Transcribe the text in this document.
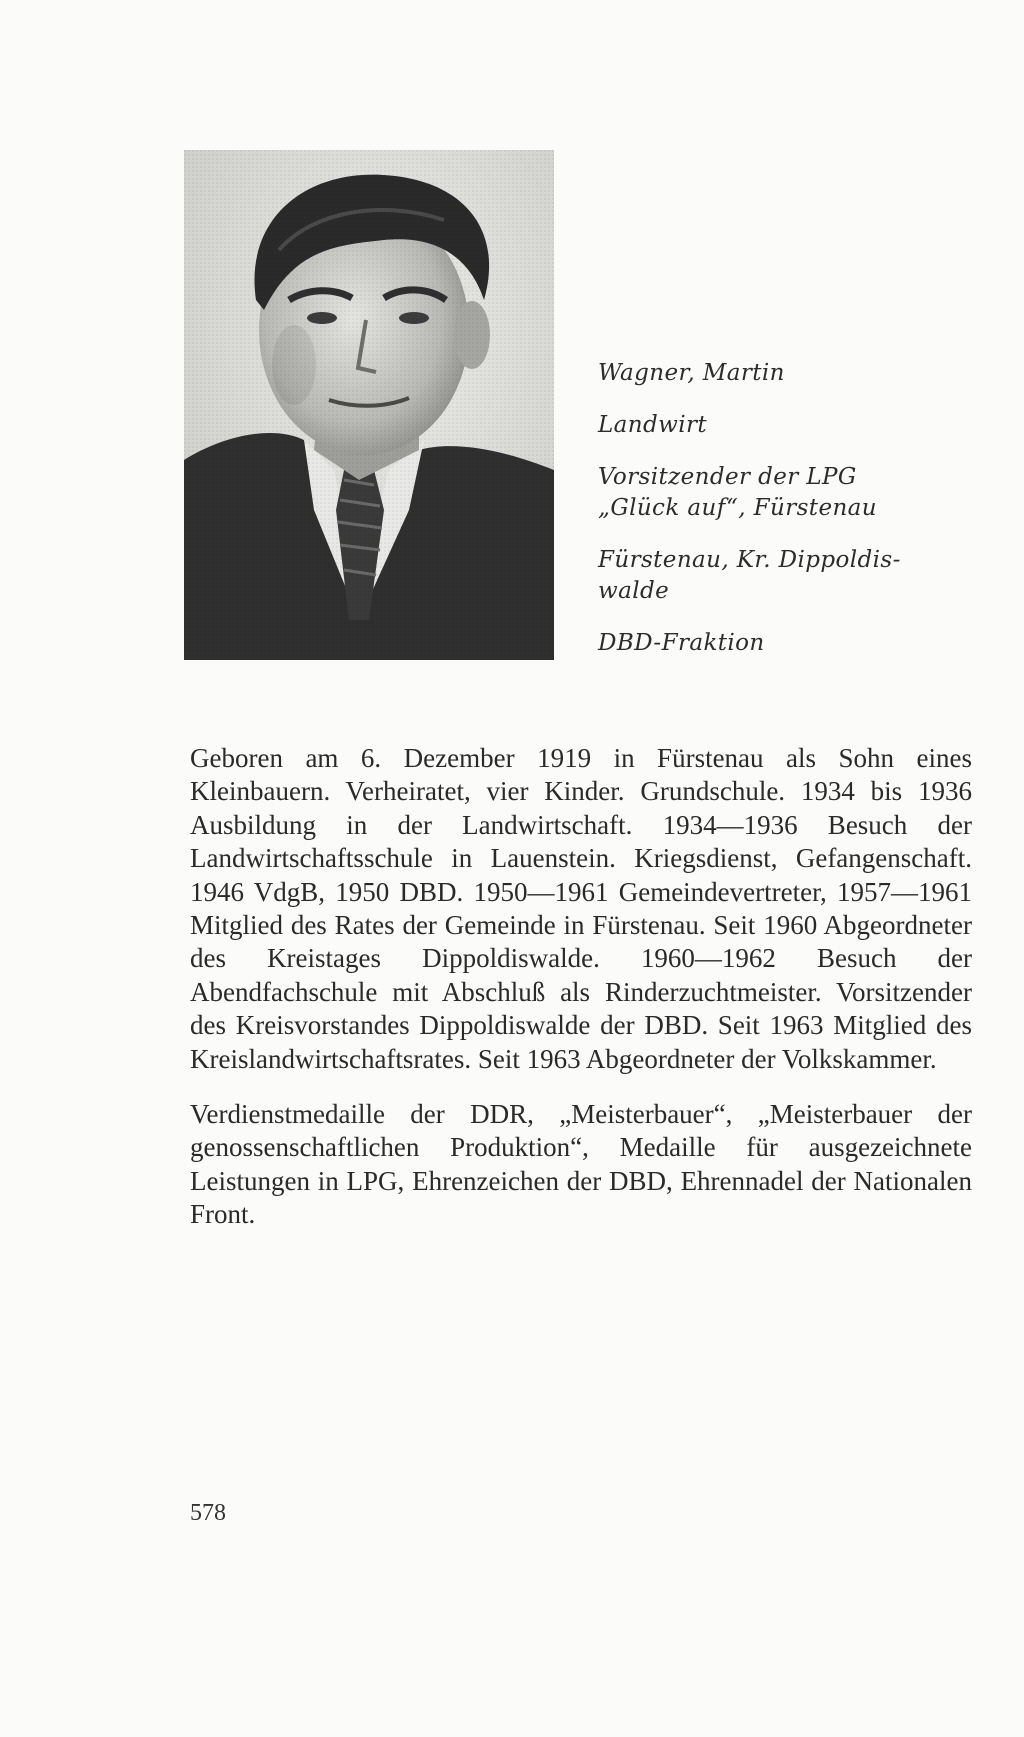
Wagner, Martin

Landwirt

Vorsitzender der LPG
„Glück auf“, Fürstenau

Fürstenau, Kr. Dippoldis-
walde

DBD-Fraktion

Geboren am 6. Dezember 1919 in Fürstenau als Sohn eines Kleinbauern. Verheiratet, vier Kinder. Grundschule. 1934 bis 1936 Ausbildung in der Landwirtschaft. 1934—1936 Besuch der Landwirtschaftsschule in Lauenstein. Kriegsdienst, Gefangenschaft. 1946 VdgB, 1950 DBD. 1950—1961 Gemeindevertreter, 1957—1961 Mitglied des Rates der Gemeinde in Fürstenau. Seit 1960 Abgeordneter des Kreistages Dippoldiswalde. 1960—1962 Besuch der Abendfachschule mit Abschluß als Rinderzuchtmeister. Vorsitzender des Kreisvorstandes Dippoldiswalde der DBD. Seit 1963 Mitglied des Kreislandwirtschaftsrates. Seit 1963 Abgeordneter der Volkskammer.

Verdienstmedaille der DDR, „Meisterbauer“, „Meisterbauer der genossenschaftlichen Produktion“, Medaille für ausgezeichnete Leistungen in LPG, Ehrenzeichen der DBD, Ehrennadel der Nationalen Front.

578
